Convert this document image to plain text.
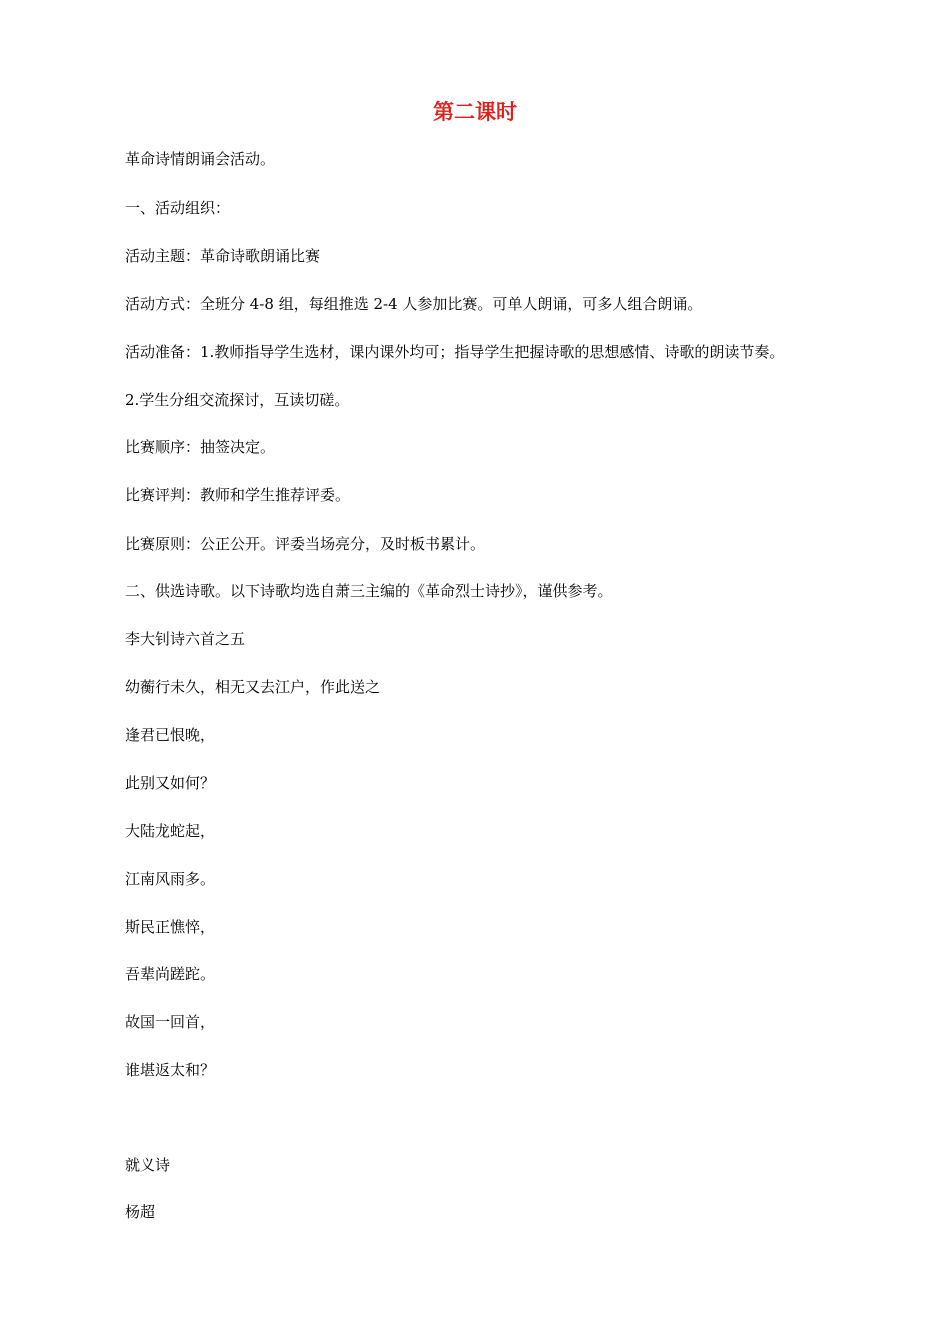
第二课时
革命诗情朗诵会活动。
一、活动组织：
活动主题：革命诗歌朗诵比赛
活动方式：全班分 4-8 组，每组推选 2-4 人参加比赛。可单人朗诵，可多人组合朗诵。
活动准备：1.教师指导学生选材，课内课外均可；指导学生把握诗歌的思想感情、诗歌的朗读节奏。
2.学生分组交流探讨，互读切磋。
比赛顺序：抽签决定。
比赛评判：教师和学生推荐评委。
比赛原则：公正公开。评委当场亮分，及时板书累计。
二、供选诗歌。以下诗歌均选自萧三主编的《革命烈士诗抄》，谨供参考。
李大钊诗六首之五
幼蘅行未久，相无又去江户，作此送之
逢君已恨晚，
此别又如何？
大陆龙蛇起，
江南风雨多。
斯民正憔悴，
吾辈尚蹉跎。
故国一回首，
谁堪返太和？
就义诗
杨超
